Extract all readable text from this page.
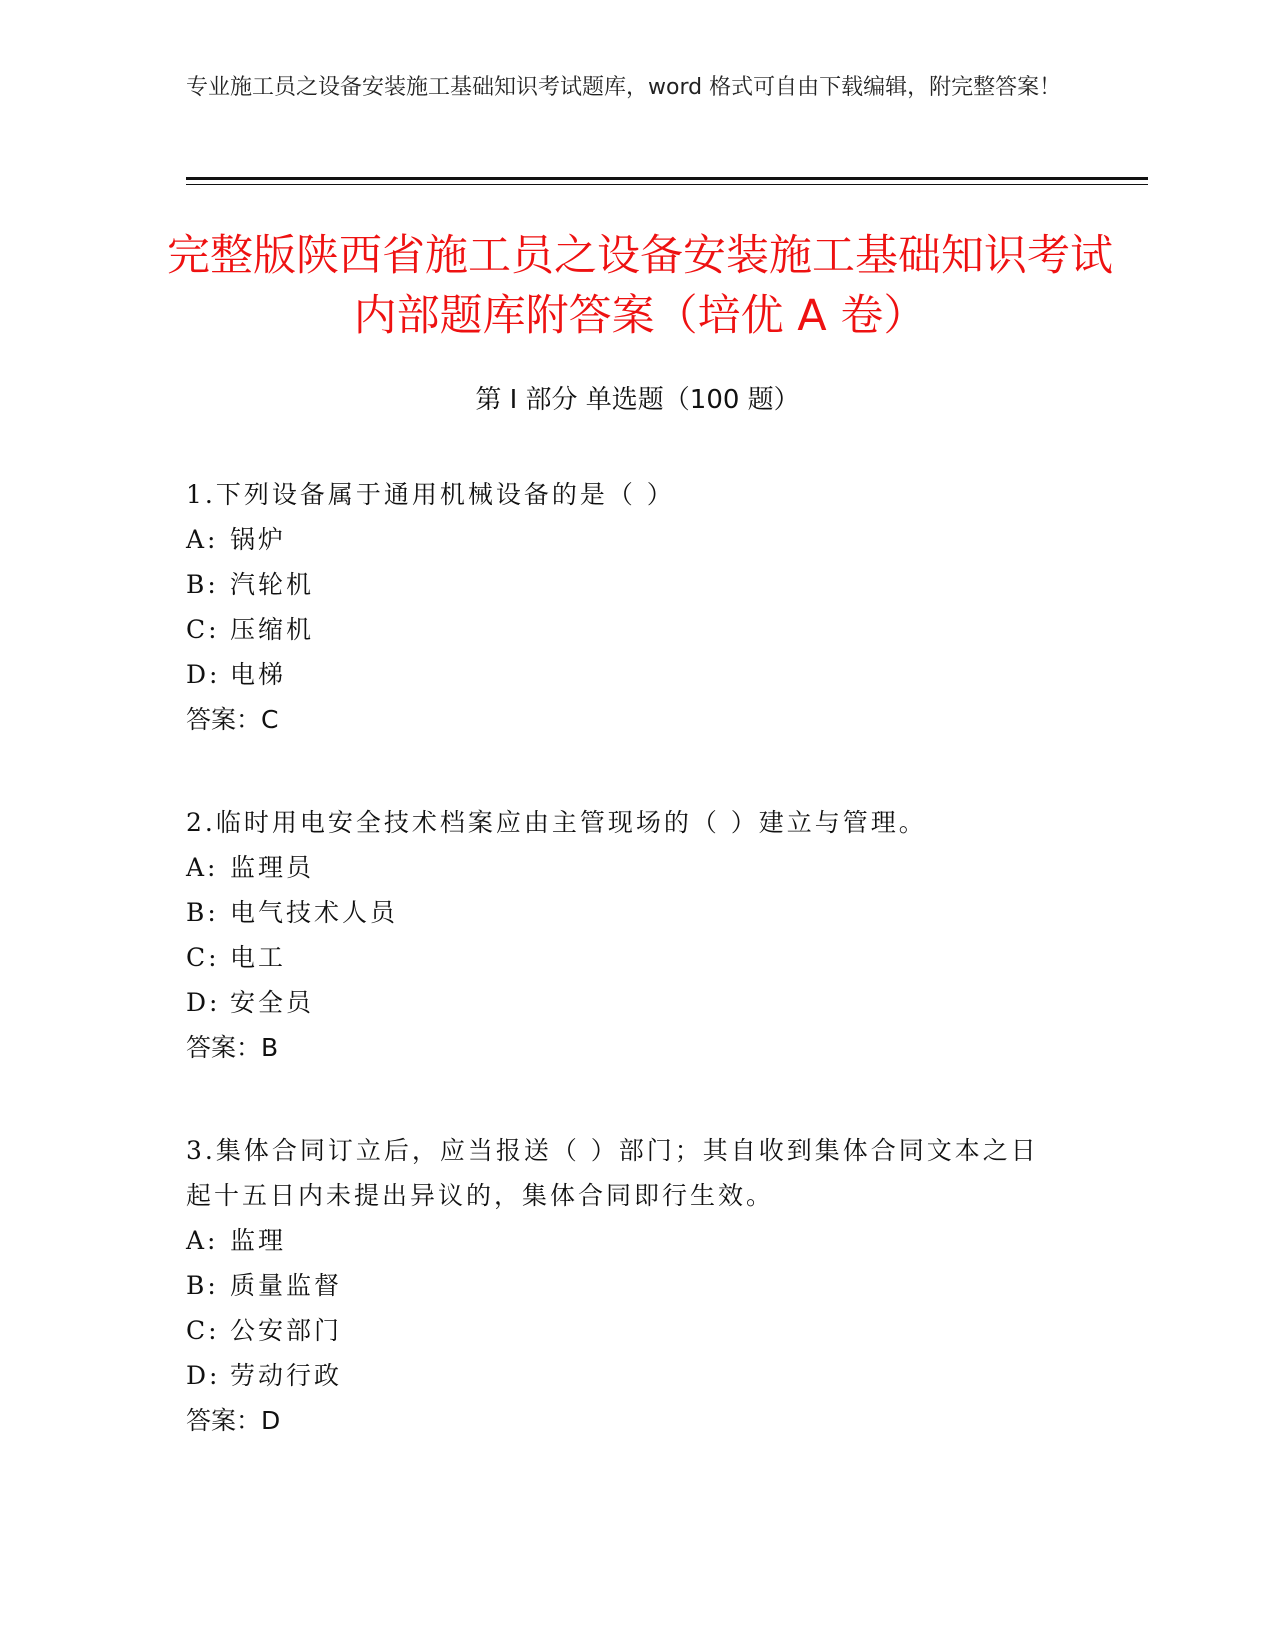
专业施工员之设备安装施工基础知识考试题库，word 格式可自由下载编辑，附完整答案！

完整版陕西省施工员之设备安装施工基础知识考试内部题库附答案（培优 A 卷）
第 I 部分 单选题（100 题）

1.下列设备属于通用机械设备的是（ ）

A: 锅炉

B: 汽轮机

C: 压缩机

D: 电梯

答案：C

2.临时用电安全技术档案应由主管现场的（ ）建立与管理。

A: 监理员

B: 电气技术人员

C: 电工

D: 安全员

答案：B

3.集体合同订立后，应当报送（ ）部门；其自收到集体合同文本之日起十五日内未提出异议的，集体合同即行生效。

A: 监理

B: 质量监督

C: 公安部门

D: 劳动行政

答案：D
